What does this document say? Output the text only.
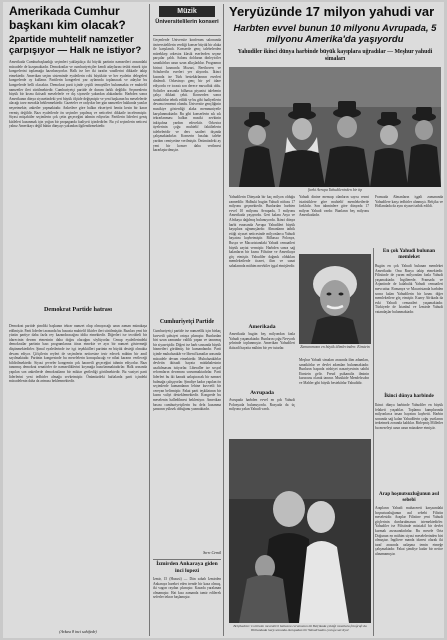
Amerikada Cumhur başkanı kim olacak?
2partide muhtelif namzetler çarpışıyor — Halk ne istiyor?
Amerikada Cumhurbaşkanlığı seçimleri yaklaştıkça iki büyük partinin namzetleri arasındaki mücadele de kızışmaktadır. Demokratlar ve cumhuriyetçiler kendi adaylarını tesbit etmek için kongrelerini toplamağa hazırlanıyorlar. Halk ise her iki tarafın vaadlerini dikkatle takip etmektedir. Amerikan seçim sisteminde eyaletlerin rolü büyüktür ve her eyaletin delegeleri kongrelerde oy kullanır. Partilerin kongreleri yaz aylarında toplanacak ve adaylar bu kongrelerde belli olacaktır. Demokrat parti içinde çeşitli temayüller bulunmakta ve muhtelif namzetler ileri sürülmektedir. Cumhuriyetçi partide de durum farklı değildir. Seçmenlerin büyük bir kısmı iktisadi meselelerle ve dış siyasetle yakından alakadardır. Harbden sonra Amerikanın dünya siyasetindeki yeri büyük ölçüde değişmiştir ve yeni başkanın bu meselelerde alacağı tavır merakla beklenmektedir. Gazeteler ve radyolar her gün namzetler hakkında yazılar neşretmekte, anketler yapmaktadır. Anketlere göre halkın ekseriyeti henüz kesin bir karar vermiş değildir. Bazı eyaletlerde ön seçimler yapılmış ve neticeleri dikkatle incelenmiştir. Siyasi müşahitler seçimlerin çok çetin geçeceğini tahmin ediyorlar. Partilerin liderleri geniş kütleleri kazanmak için yoğun bir propaganda faaliyeti içindedirler. Bu yıl seçimlerin neticesi yalnız Amerikayı değil bütün dünyayı yakından ilgilendirmektedir.
Demokrat Partide hatrası
Demokrat partide şimdiki başkanın tekrar namzet olup olmayacağı uzun zaman münakaşa edilmiştir. Parti liderleri arasında bu hususta muhtelif fikirler ileri sürülmüştür. Bazıları yeni bir yüzün partiye daha fazla rey kazandıracağını iddia etmektedir. Diğerleri ise tecrübeli bir idarecinin devam etmesinin daha doğru olacağını söylüyorlar. Cenup eyaletlerindeki demokratlar partinin bazı programlarına itiraz etmekte ve ayrı bir namzet göstermeği düşünmektedirler. Şimal eyaletlerinde ise işçi teşekkülleri partinin en büyük desteği olmakta devam ediyor. Çiftçilerin reyleri de seçimlerin neticesine tesir edecek mühim bir amil sayılmaktadır. Partinin kongresinde bu meselelerin konuşulacağı ve nihai kararın verileceği bildirilmektedir. Siyasi çevreler kongrenin çok hararetli geçeceğini tahmin ediyorlar. Bazı tanınmış demokrat senatörler de namzetliklerini koymağa hazırlanmaktadırlar. Halk arasında yapılan son anketlerde demokratların bir miktar gerilediği görülmektedir. Bu vaziyet parti liderlerini yeni tedbirler almağa sevketmiştir. Önümüzdeki haftalarda parti içindeki mücadelenin daha da artması beklenmektedir.
(Arkası 8 inci sahifede)
Müzik
Üniversitelilerin konseri
Geçenlerde Üniversite konferans salonunda üniversitelilerin verdiği konser büyük bir alaka ile karşılandı. Konserde genç talebelerden mürekkep orkestra klasik eserlerden seçme parçalar çaldı. Salonu dolduran dinleyiciler sanatkârları uzun uzun alkışladılar. Programın birinci kısmında Mozart, Beethoven ve Schubert'in eserleri yer alıyordu. İkinci kısımda ise Türk bestekârlarının eserleri dinlendi. Orkestrayı genç bir şef idare ediyordu ve icraatı son derece muvaffak oldu. Solistler arasında bilhassa piyanist talebenin çalışı dikkati çekti. Konserden sonra sanatkârlar tebrik edildi ve bu gibi faaliyetlerin devamı temenni olundu. Üniversite gençliğinin musikiye gösterdiği alaka memnuniyetle karşılanmaktadır. Bu gibi konserlerin sık sık tekrarlanması halkın musiki zevkinin inkişafına yardım edecektir. Orkestra üyelerinin çoğu muhtelif fakültelerin talebeleridir ve ders saatleri dışında çalışmaktadırlar. Konserin hasılatı talebe yardım cemiyetine verilmiştir. Önümüzdeki ay yeni bir konser daha verilmesi kararlaştırılmıştır.
Cumhuriyetçi Partide
Cumhuriyetçi partide ise namzetlik için birkaç kuvvetli şahsiyet ortaya çıkmıştır. Bunlardan biri uzun zamandır valilik yapan ve tanınmış bir siyasetçidir. Diğeri ise harb sırasında büyük hizmetleri görülmüş bir kumandandır. Parti içinde muhafazakâr ve liberal kanatlar arasında mücadele devam etmektedir. Muhafazakârlar devletin iktisadi hayata müdahalesinin azaltılmasını istiyorlar. Liberaller ise sosyal reformların devamını savunmaktadırlar. Parti liderleri bu iki kanadı uzlaştıracak bir namzet bulmağa çalışıyorlar. Şimdiye kadar yapılan ön seçimlerde kumandanın lehine kuvvetli bir cereyan belirmiştir. Fakat parti teşkilatının bir kısmı valiyi desteklemektedir. Kongrede bu meselenin halledilmesi bekleniyor. Amerikan basını cumhuriyetçilerin bu defa kazanma şansının yüksek olduğunu yazmaktadır.
Sırrı Cemil
İzmirden Ankaraya giden inci lopezi
İzmir, 15 (Hususi) — Dün sabah İzmirden Ankaraya hareket eden trende bir kaza olmuş, iki vagon raydan çıkmıştır. Kazada yaralanan olmamıştır. Hat kısa zamanda tamir edilerek seferler tekrar başlamıştır.
Yeryüzünde 17 milyon yahudi var
Harbten evvel bunun 10 milyonu Avrupada, 5 milyonu Amerika'da yaşıyordu
Yahudiler ikinci dünya harbinde büyük kayıplara uğradılar — Meşhur yahudi simaları
Şarki Avrupa Yahudilerinden bir tip
Yahudilerin Dünyada bir kaç milyon olduğu zannedilir. Halbuki bugün Yahudi nüfusu 17 milyonu geçmektedir. Bunlardan harbten evvel 10 milyonu Avrupada, 5 milyonu Amerikada yaşıyordu. Geri kalanı Asya ve Afrikaya dağılmış bulunuyordu. İkinci dünya harbi esnasında Avrupa Yahudileri büyük kayıplara uğramışlardır. Almanların tatbik ettiği siyaset neticesinde milyonlarca Yahudi hayatını kaybetmiştir. Bilhassa Polonya, Rusya ve Macaristandaki Yahudi cemaatleri büyük zayiat vermiştir. Harbden sonra sağ kalanların bir kısmı Filistine ve Amerikaya göç etmiştir. Yahudiler dağınık oldukları memleketlerde ticaret, ilim ve sanat sahalarında mühim mevkiler işgal etmişlerdir.
Amerikada
Amerikada bugün beş milyondan fazla Yahudi yaşamaktadır. Bunların çoğu Nevyork şehrinde toplanmıştır. Amerikan Yahudileri iktisadi hayatta mühim bir yer tutarlar.
Avrupada
Avrupada harbden evvel en çok Yahudi Polonyada bulunuyordu. Rusyada da üç milyona yakın Yahudi vardı.
Yahudi dinine mensup olanların sayısı resmi istatistiklere göre muhtelif memleketlerde farklıdır. Son tahminlere göre dünyada 17 milyon Yahudi vardır. Bunların beş milyonu Amerikadadır.
Zamanımızın en büyük âlimlerinden: Einstein
Meşhur Yahudi simaları arasında ilim adamları, sanatkârlar ve devlet adamları bulunmaktadır. Bunların başında nisbiyet nazariyesinin sahibi Einstein gelir. Freud psikanaliz ilminin kurucusu olarak tanınır. Musikide Mendelssohn ve Mahler gibi büyük bestekârlar Yahudidir.
Fransada Almanların işgali zamanında Yahudilere karşı tedbirler alınmıştı. Belçika ve Hollandada da aynı siyaset tatbik edildi.
En çok Yahudi bulunan memleket
Bugün en çok Yahudi bulunan memleket Amerikadır. Onu Rusya takip etmektedir. Filistinde de yarım milyondan fazla Yahudi yaşamaktadır. İngilterede, Fransada ve Arjantinde de kalabalık Yahudi cemaatleri mevcuttur. Romanya ve Macaristanda harbden sonra kalan Yahudilerin bir kısmı diğer memleketlere göç etmiştir. Kuzey Afrikada da eski Yahudi cemaatleri yaşamaktadır. Türkiyede de İstanbul ve İzmirde Yahudi vatandaşlar bulunmaktadır.
İkinci dünya harbinde
İkinci dünya harbinde Yahudiler en büyük felaketi yaşadılar. Toplama kamplarında milyonlarca insan hayatını kaybetti. Harbin sonunda sağ kalan Yahudilerin çoğu yurtlarını terketmek zorunda kaldılar. Birleşmiş Milletler bu meseleyi uzun uzun müzakere etmiştir.
Arap hoşnutsuzluğunun asıl sebebi
Arapların Yahudi muhacereti karşısındaki hoşnutsuzluğunun asıl sebebi Filistin meselesidir. Araplar Filistine yeni Yahudi göçlerinin durdurulmasını istemektedirler. Yahudiler ise Filistinde müstakil bir devlet kurmak arzusundadırlar. Bu mesele Orta Doğunun en mühim siyasi meselelerinden biri olmuştur. İngiltere manda idaresi olarak iki taraf arasında uzlaşma temin etmeğe çalışmaktadır. Fakat şimdiye kadar bir netice alınamamıştır.
Belçikalılar: Lutitraim mevzulleri babasını cerumunun iki Belçikada çektiği rasatlara fotoğrafı da Hollandada harp sonunda Avrupadan bir Yahudi kadın çocuğu sarılıyor
